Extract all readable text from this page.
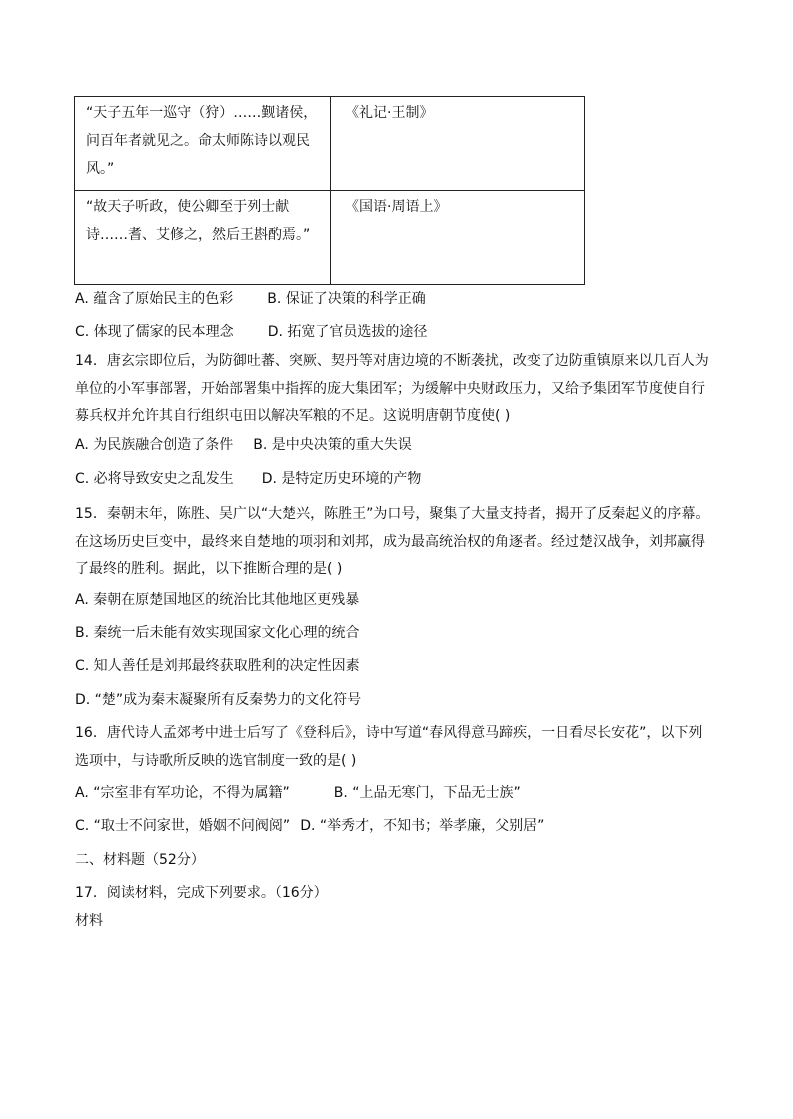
“天子五年一巡守（狩）……觐诸侯，问百年者就见之。命太师陈诗以观民风。”	《礼记·王制》
“故天子听政，使公卿至于列士献诗……耆、艾修之，然后王斟酌焉。”	《国语·周语上》
A. 蕴含了原始民主的色彩 B. 保证了决策的科学正确
C. 体现了儒家的民本理念 D. 拓宽了官员选拔的途径
14．唐玄宗即位后，为防御吐蕃、突厥、契丹等对唐边境的不断袭扰，改变了边防重镇原来以几百人为单位的小军事部署，开始部署集中指挥的庞大集团军；为缓解中央财政压力，又给予集团军节度使自行募兵权并允许其自行组织屯田以解决军粮的不足。这说明唐朝节度使( )
A. 为民族融合创造了条件 B. 是中央决策的重大失误
C. 必将导致安史之乱发生 D. 是特定历史环境的产物
15．秦朝末年，陈胜、吴广以“大楚兴，陈胜王”为口号，聚集了大量支持者，揭开了反秦起义的序幕。在这场历史巨变中，最终来自楚地的项羽和刘邦，成为最高统治权的角逐者。经过楚汉战争，刘邦赢得了最终的胜利。据此，以下推断合理的是( )
A. 秦朝在原楚国地区的统治比其他地区更残暴
B. 秦统一后未能有效实现国家文化心理的统合
C. 知人善任是刘邦最终获取胜利的决定性因素
D. “楚”成为秦末凝聚所有反秦势力的文化符号
16．唐代诗人孟郊考中进士后写了《登科后》，诗中写道“春风得意马蹄疾，一日看尽长安花”，以下列选项中，与诗歌所反映的选官制度一致的是( )
A. “宗室非有军功论，不得为属籍”	B. “上品无寒门，下品无士族”
C. “取士不问家世，婚姻不问阀阅” D. “举秀才，不知书；举孝廉，父别居”
二、材料题（52分）
17．阅读材料，完成下列要求。（16分）
材料
